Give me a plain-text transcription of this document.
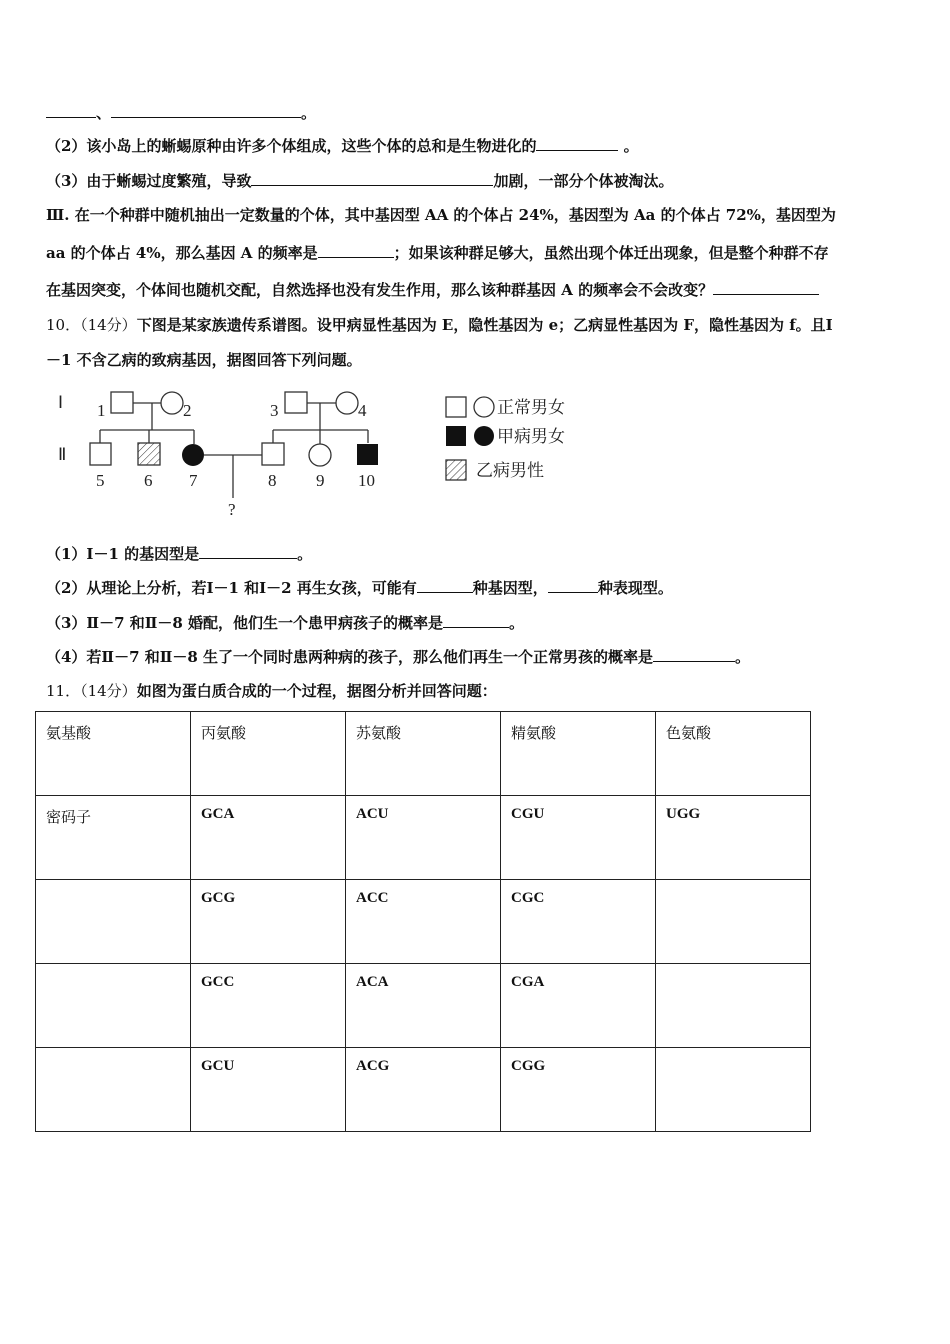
、	。
（2）该小岛上的蜥蜴原种由许多个体组成，这些个体的总和是生物进化的	。
（3）由于蜥蜴过度繁殖，导致	加剧，一部分个体被淘汰。
Ⅲ. 在一个种群中随机抽出一定数量的个体，其中基因型 AA 的个体占 24%，基因型为 Aa 的个体占 72%，基因型为
aa 的个体占 4%，那么基因 A 的频率是	；如果该种群足够大，虽然出现个体迁出现象，但是整个种群不存
在基因突变，个体间也随机交配，自然选择也没有发生作用，那么该种群基因 A 的频率会不会改变？
10．（14分）下图是某家族遗传系谱图。设甲病显性基因为 E，隐性基因为 e；乙病显性基因为 F，隐性基因为 f。且Ⅰ
－1 不含乙病的致病基因，据图回答下列问题。
Ⅰ
Ⅱ
1	2	3	4
5 6 7	8 9 10
?
正常男女
甲病男女
乙病男性
（1）Ⅰ－1 的基因型是	。
（2）从理论上分析，若Ⅰ－1 和Ⅰ－2 再生女孩，可能有	种基因型，	种表现型。
（3）Ⅱ－7 和Ⅱ－8 婚配，他们生一个患甲病孩子的概率是	。
（4）若Ⅱ－7 和Ⅱ－8 生了一个同时患两种病的孩子，那么他们再生一个正常男孩的概率是	。
11．（14分）如图为蛋白质合成的一个过程，据图分析并回答问题：
氨基酸	丙氨酸	苏氨酸	精氨酸	色氨酸
密码子	GCA	ACU	CGU	UGG
	GCG	ACC	CGC	
	GCC	ACA	CGA	
	GCU	ACG	CGG	
